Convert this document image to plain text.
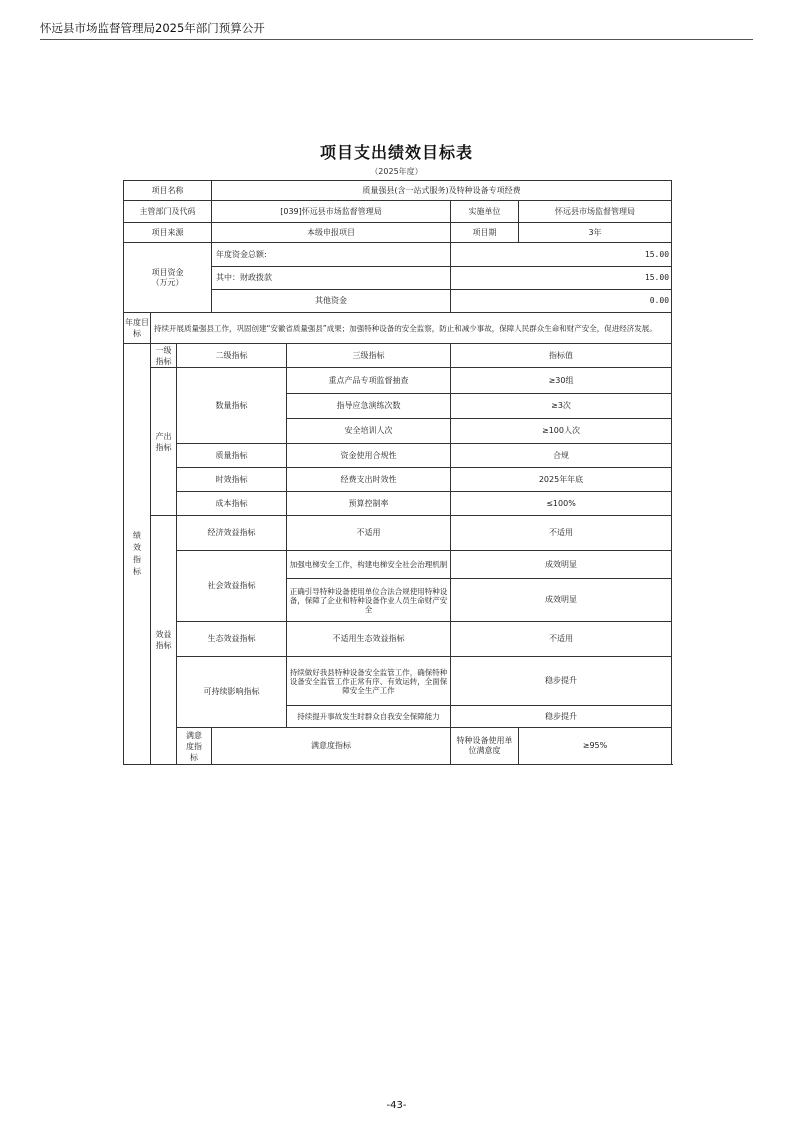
怀远县市场监督管理局2025年部门预算公开
项目支出绩效目标表
（2025年度）
项目名称			质量强县(含一站式服务)及特种设备专项经费			
主管部门及代码			[039]怀远县市场监督管理局		实施单位	怀远县市场监督管理局
项目来源			本级申报项目		项目期	3年

项目资金
（万元）			年度资金总额:		15.00	
			其中：财政拨款		15.00	
			其他资金		0.00	
年度目标	持续开展质量强县工作，巩固创建“安徽省质量强县”成果；加强特种设备的安全监察，防止和减少事故，保障人民群众生命和财产安全，促进经济发展。					
绩效指标	一级指标	二级指标		三级指标	指标值	
	产出指标	数量指标		重点产品专项监督抽查	≥30组	
				指导应急演练次数	≥3次	
				安全培训人次	≥100人次	
		质量指标		资金使用合规性	合规	
		时效指标		经费支出时效性	2025年年底	
		成本指标		预算控制率	≤100%	
	效益指标	经济效益指标		不适用	不适用	
		社会效益指标		加强电梯安全工作，构建电梯安全社会治理机制	成效明显	
				正确引导特种设备使用单位合法合规使用特种设备，保障了企业和特种设备作业人员生命财产安全	成效明显	
		生态效益指标		不适用生态效益指标	不适用	
		可持续影响指标		持续做好我县特种设备安全监管工作，确保特种设备安全监管工作正常有序、有效运转，全面保障安全生产工作	稳步提升	
				持续提升事故发生时群众自我安全保障能力	稳步提升	
		满意度指标	满意度指标		特种设备使用单位满意度	≥95%
-43-
